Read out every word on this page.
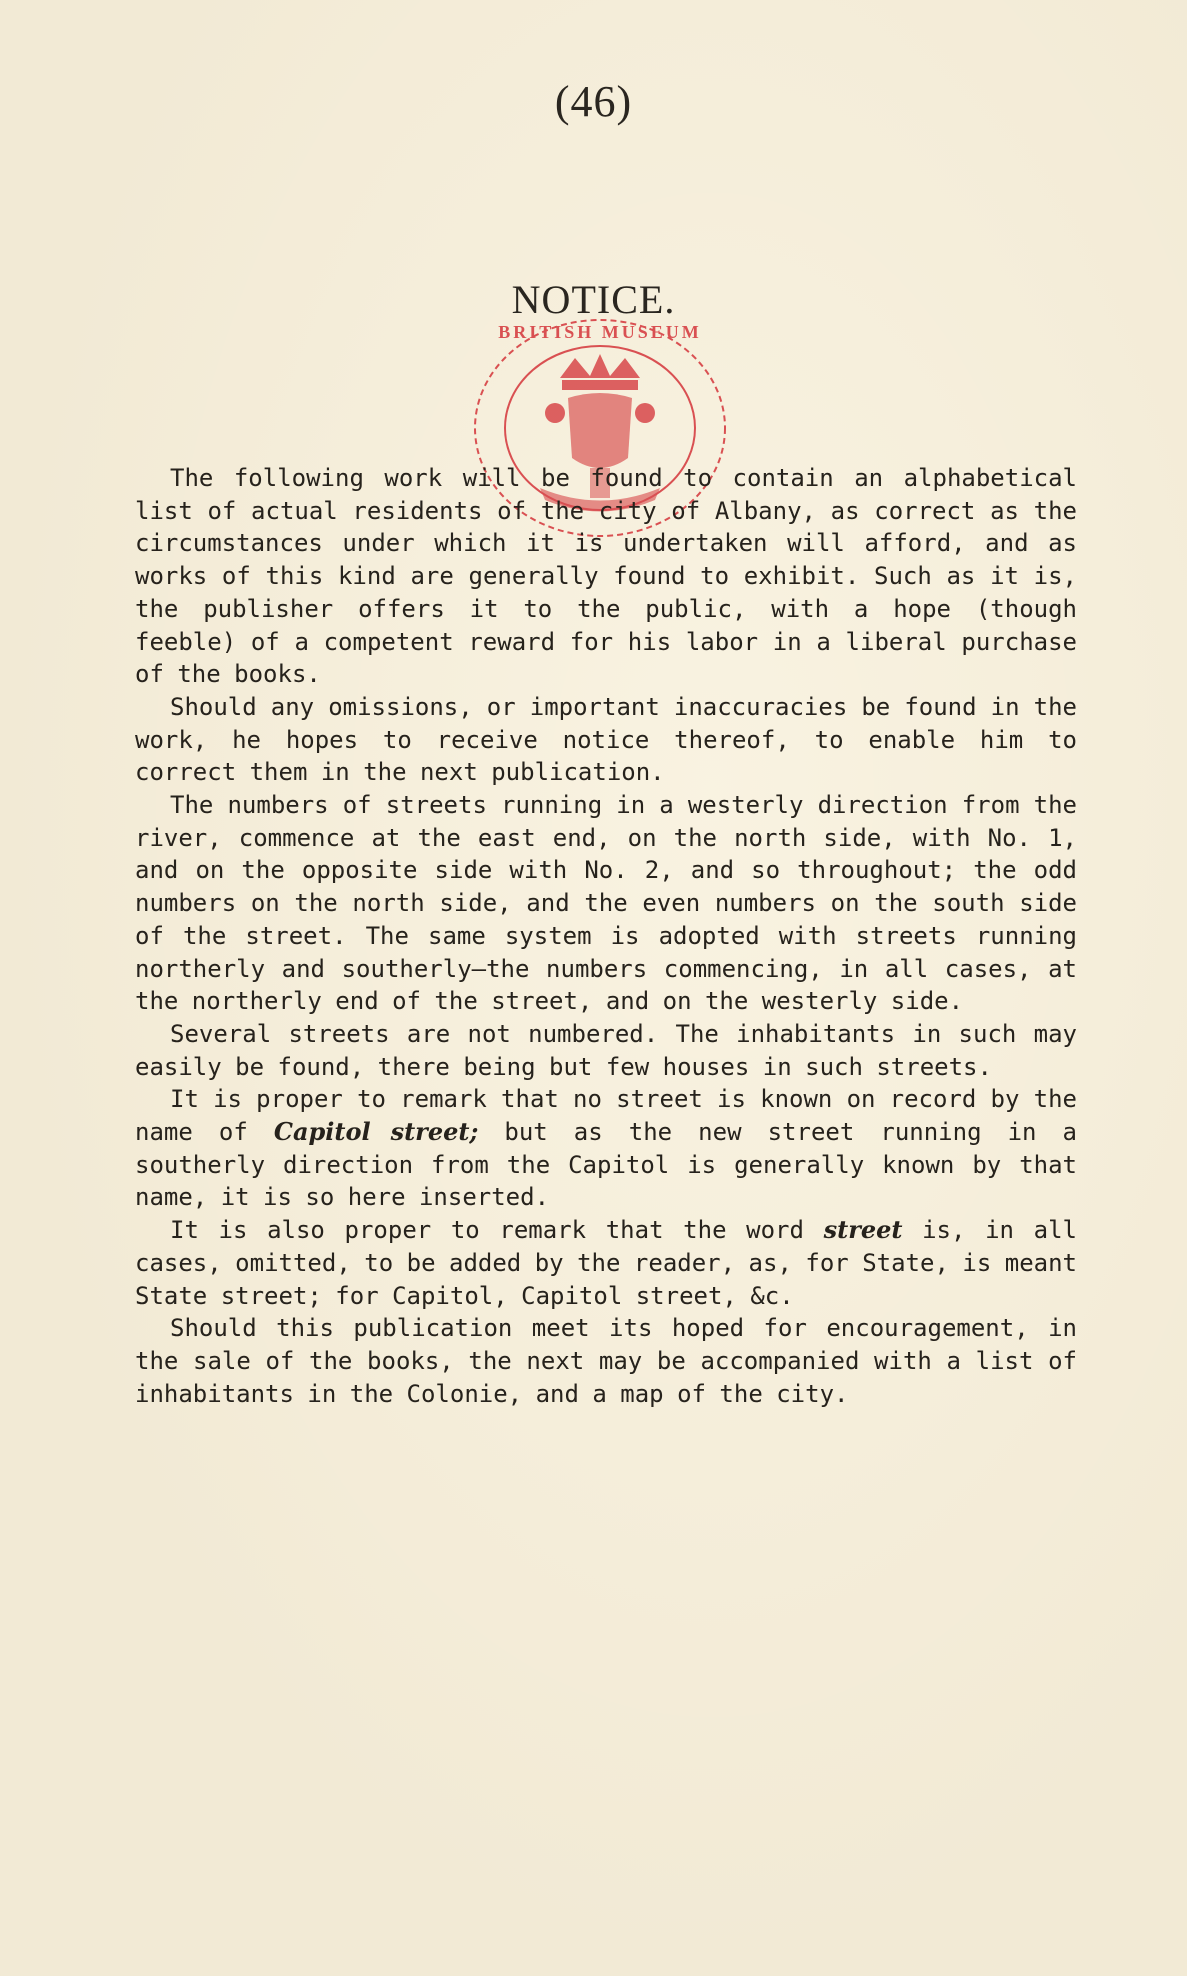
(46)
NOTICE.
BRITISH MUSEUM

The following work will be found to contain an alphabetical list of actual residents of the city of Albany, as correct as the circumstances under which it is undertaken will afford, and as works of this kind are generally found to exhibit. Such as it is, the publisher offers it to the public, with a hope (though feeble) of a competent reward for his labor in a liberal purchase of the books.

Should any omissions, or important inaccuracies be found in the work, he hopes to receive notice thereof, to enable him to correct them in the next publication.

The numbers of streets running in a westerly direction from the river, commence at the east end, on the north side, with No. 1, and on the opposite side with No. 2, and so throughout; the odd numbers on the north side, and the even numbers on the south side of the street. The same system is adopted with streets running northerly and southerly—the numbers commencing, in all cases, at the northerly end of the street, and on the westerly side.

Several streets are not numbered. The inhabitants in such may easily be found, there being but few houses in such streets.

It is proper to remark that no street is known on record by the name of Capitol street; but as the new street running in a southerly direction from the Capitol is generally known by that name, it is so here inserted.

It is also proper to remark that the word street is, in all cases, omitted, to be added by the reader, as, for State, is meant State street; for Capitol, Capitol street, &c.

Should this publication meet its hoped for encouragement, in the sale of the books, the next may be accompanied with a list of inhabitants in the Colonie, and a map of the city.
